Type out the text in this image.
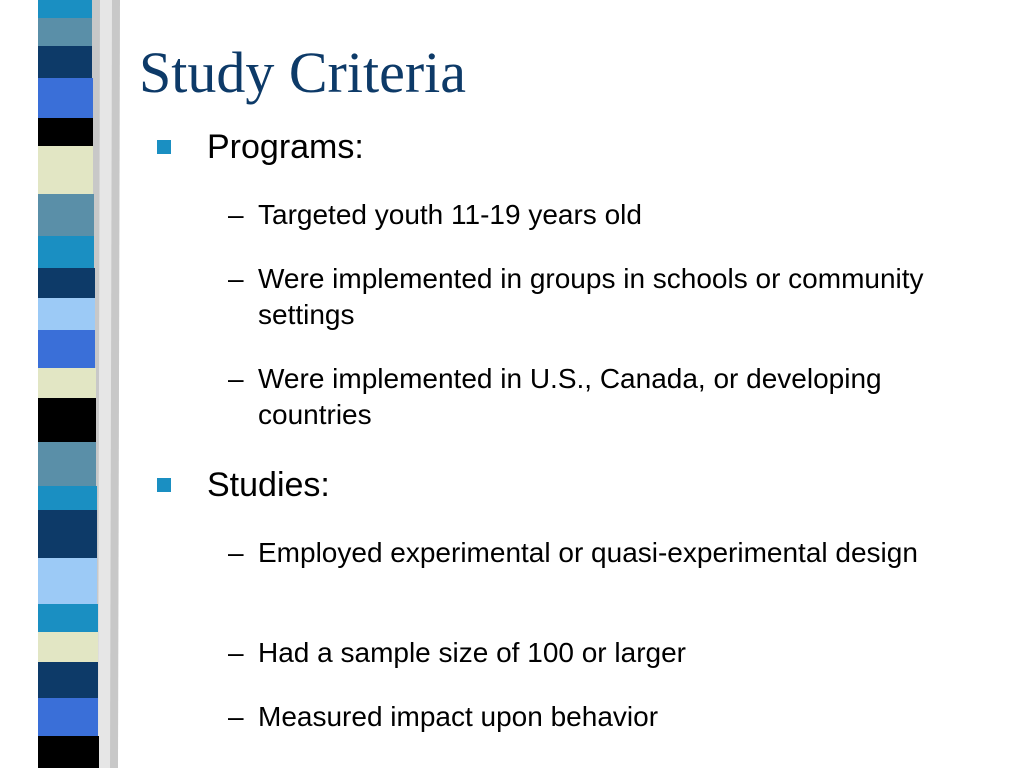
Study Criteria
Programs:
– Targeted youth 11-19 years old
– Were implemented in groups in schools or community settings
– Were implemented in U.S., Canada, or developing countries
Studies:
– Employed experimental or quasi-experimental design
– Had a sample size of 100 or larger
– Measured impact upon behavior
